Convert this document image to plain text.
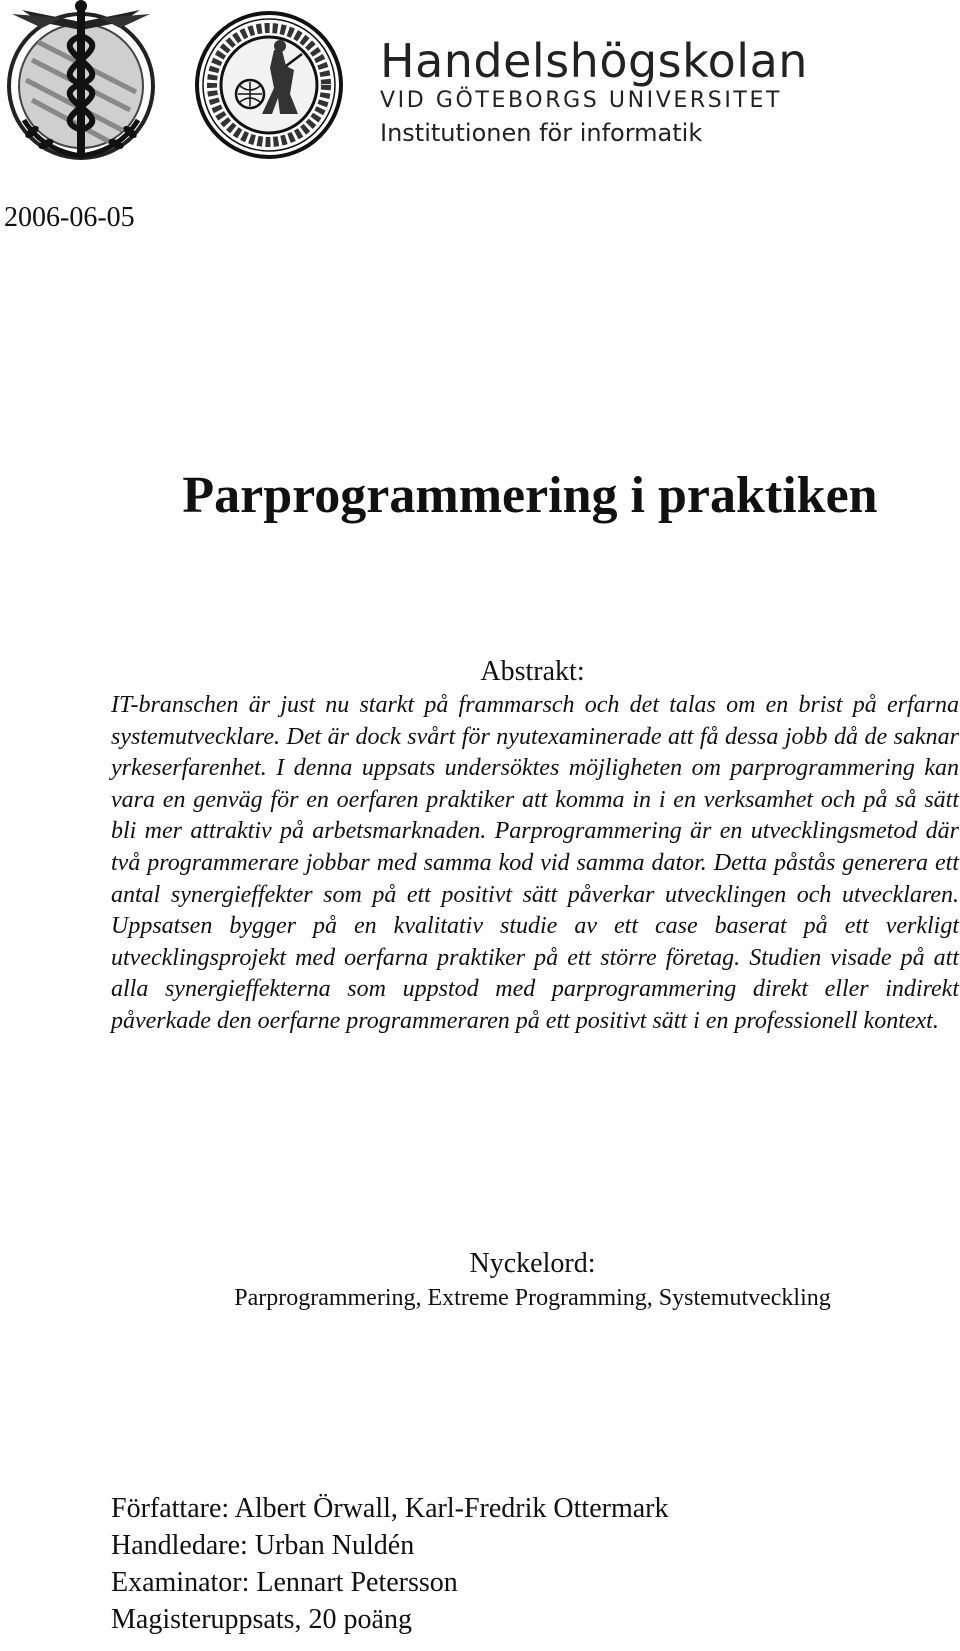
Handelshögskolan
VID GÖTEBORGS UNIVERSITET
Institutionen för informatik
2006-06-05
Parprogrammering i praktiken
Abstrakt:

IT-branschen är just nu starkt på frammarsch och det talas om en brist på erfarna systemutvecklare. Det är dock svårt för nyutexaminerade att få dessa jobb då de saknar yrkeserfarenhet. I denna uppsats undersöktes möjligheten om parprogrammering kan vara en genväg för en oerfaren praktiker att komma in i en verksamhet och på så sätt bli mer attraktiv på arbetsmarknaden. Parprogrammering är en utvecklingsmetod där två programmerare jobbar med samma kod vid samma dator. Detta påstås generera ett antal synergieffekter som på ett positivt sätt påverkar utvecklingen och utvecklaren. Uppsatsen bygger på en kvalitativ studie av ett case baserat på ett verkligt utvecklingsprojekt med oerfarna praktiker på ett större företag. Studien visade på att alla synergieffekterna som uppstod med parprogrammering direkt eller indirekt påverkade den oerfarne programmeraren på ett positivt sätt i en professionell kontext.

Nyckelord:
Parprogrammering, Extreme Programming, Systemutveckling
Författare: Albert Örwall, Karl-Fredrik Ottermark
Handledare: Urban Nuldén
Examinator: Lennart Petersson
Magisteruppsats, 20 poäng
